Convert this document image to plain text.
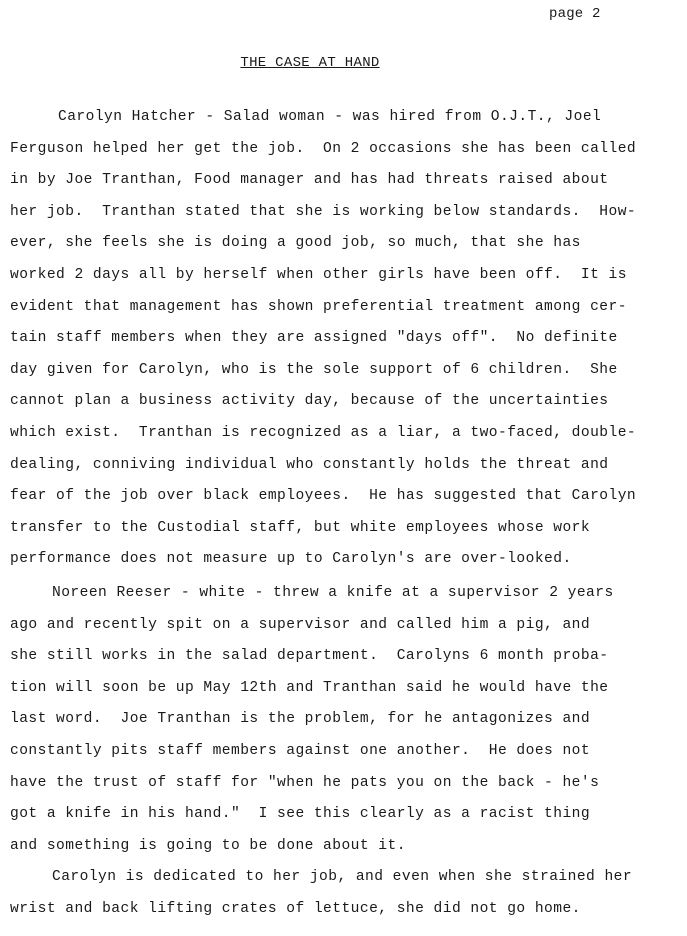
page 2
THE CASE AT HAND
Carolyn Hatcher - Salad woman - was hired from O.J.T., Joel
Ferguson helped her get the job.  On 2 occasions she has been called
in by Joe Tranthan, Food manager and has had threats raised about
her job.  Tranthan stated that she is working below standards.  How-
ever, she feels she is doing a good job, so much, that she has
worked 2 days all by herself when other girls have been off.  It is
evident that management has shown preferential treatment among cer-
tain staff members when they are assigned "days off".  No definite
day given for Carolyn, who is the sole support of 6 children.  She
cannot plan a business activity day, because of the uncertainties
which exist.  Tranthan is recognized as a liar, a two-faced, double-
dealing, conniving individual who constantly holds the threat and
fear of the job over black employees.  He has suggested that Carolyn
transfer to the Custodial staff, but white employees whose work
performance does not measure up to Carolyn's are over-looked.
Noreen Reeser - white - threw a knife at a supervisor 2 years
ago and recently spit on a supervisor and called him a pig, and
she still works in the salad department.  Carolyns 6 month proba-
tion will soon be up May 12th and Tranthan said he would have the
last word.  Joe Tranthan is the problem, for he antagonizes and
constantly pits staff members against one another.  He does not
have the trust of staff for "when he pats you on the back - he's
got a knife in his hand."  I see this clearly as a racist thing
and something is going to be done about it.
Carolyn is dedicated to her job, and even when she strained her
wrist and back lifting crates of lettuce, she did not go home.
